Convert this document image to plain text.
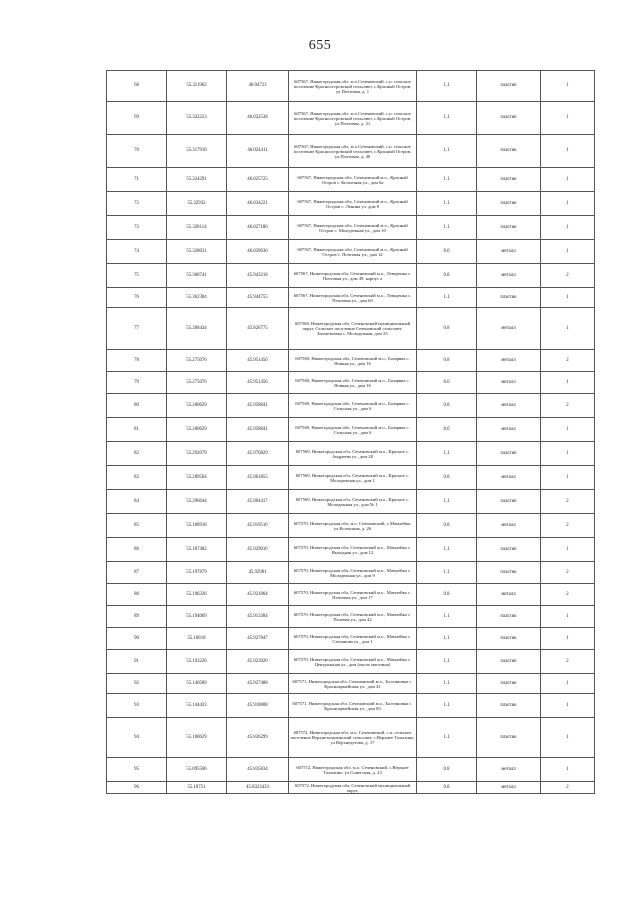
655
68	55.311962	46.04723	607567, Нижегородская обл, м.о.Сеченовский, с.п. сельское поселение Красноостровский сельсовет, с.Красный Остров, ул.Почтовая, д. 1	1.1	пластик	1
69	55.322223	46.032538	607567, Нижегородская обл, м.о.Сеченовский, с.п. сельское поселение Красноостровский сельсовет, с.Красный Остров, ул.Почтовая, д. 21	1.1	пластик	1
70	55.317918	46.024411	607567, Нижегородская обл, м.о.Сеченовский, с.п. сельское поселение Красноостровский сельсовет, с.Красный Остров, ул.Почтовая, д. 40	1.1	пластик	1
71	55.324291	46.025725	607567, Нижегородская обл, Сеченовский м.о., Красный Остров с. Колхозная ул., дом 6а	1.1	пластик	1
72	55.32932	46.034221	607567, Нижегородская обл, Сеченовский м.о., Красный Остров с. Ленина ул. дом 8	1.1	пластик	1
73	55.328114	46.027186	607567, Нижегородская обл, Сеченовский м.о., Красный Остров с. Молодежная ул., дом 10	1.1	пластик	1
74	55.328031	46.039636	607567, Нижегородская обл, Сеченовский м.о., Красный Остров с. Почтовая ул., дом 12	8.0	металл	1
75	55.368741	45.943218	607567, Нижегородская обл, Сеченовский м.о., Леваденка с. Почтовая ул., дом 49, корпус а	0.8	металл	2
76	55.362384	45.944755	607567, Нижегородская обл, Сеченовский м.о., Леваденка с. Почтовая ул., дом 60	1.1	пластик	1
77	55.268434	45.826775	607568, Нижегородская обл, Сеченовский муниципальный округ, Сельское поселение Сеченовский сельсовет, Бахметьевка с. Молодежная, дом 23	0.8	металл	1
78	55.275076	45.951456	607569, Нижегородская обл, Сеченовский м.о., Базарвка с. Новная ул., дом 16	0.8	металл	2
79	55.275076	45.951456	607569, Нижегородская обл, Сеченовский м.о., Базарвка с. Новная ул., дом 16	8.0	металл	1
80	55.280629	45.958841	607569, Нижегородская обл, Сеченовский м.о., Базарвка с. Сельская ул., дом 6	0.8	металл	2
81	55.280629	45.958841	607569, Нижегородская обл, Сеченовский м.о., Базарвка с. Сельская ул., дом 6	8.0	металл	1
82	55.292079	45.976829	607569, Нижегородская обл, Сеченовский м.о., Красное с. Андреева ул., дом 28	1.1	пластик	1
83	55.289504	45.961855	607569, Нижегородская обл, Сеченовский м.о., Красное с. Молодежная ул., дом 1	0.8	металл	1
84	55.296644	45.964417	607569, Нижегородская обл, Сеченовский м.о., Красное с. Молодежная ул., дом № 1	1.1	пластик	2
85	55.188918	45.919516	607570, Нижегородская обл, м.о. Сеченовский, с.Мамлейка, ул.Колхозная, д. 26	0.8	металл	2
86	55.187482	45.929016	607570, Нижегородская обл, Сеченовский м.о., Мамлейка с. Выходная ул., дом 12	1.1	пластик	1
87	55.197879	45.92981	607570, Нижегородская обл, Сеченовский м.о., Мамлейка с. Молодежная ул., дом 9	1.1	пластик	2
88	55.196326	45.921864	607570, Нижегородская обл, Сеченовский м.о., Мамлейка с. Почтовая ул., дом 17	0.8	металл	2
89	55.194069	45.913384	607570, Нижегородская обл, Сеченовский м.о., Мамлейка с. Полевая ул., дом 42	1.1	пластик	1
90	55.18818	45.927847	607570, Нижегородская обл, Сеченовский м.о., Мамлейка с. Степанова ул., дом 1	1.1	пластик	1
91	55.193226	45.923926	607570, Нижегородская обл, Сеченовский м.о., Мамлейка с. Центральная ул., дом (около магазина)	1.1	пластик	2
92	55.140589	45.927488	607571, Нижегородская обл, Сеченовский м.о., Болтиновка с. Красноармейская ул., дом 41	1.1	пластик	1
93	55.144433	45.918808	607571, Нижегородская обл, Сеченовский м.о., Болтиновка с. Красноармейская ул., дом 83	1.1	пластик	1
94	55.100629	45.826299	607572, Нижегородская обл, м.о. Сеченовский, с.п. сельское поселение Верхнеталызинский сельсовет, с.Верхнее Талызино, ул Верхнедетова, д. 17	1.1	пластик	1
95	55.095566	45.835834	607572, Нижегородская обл, м.о. Сеченовский, с.Верхнее Талызино, ул Советская, д. 23	0.8	металл	1
96	55.10751	45.8323433	607572, Нижегородская обл, Сеченовский муниципальный округ,	0.8	металл	2
